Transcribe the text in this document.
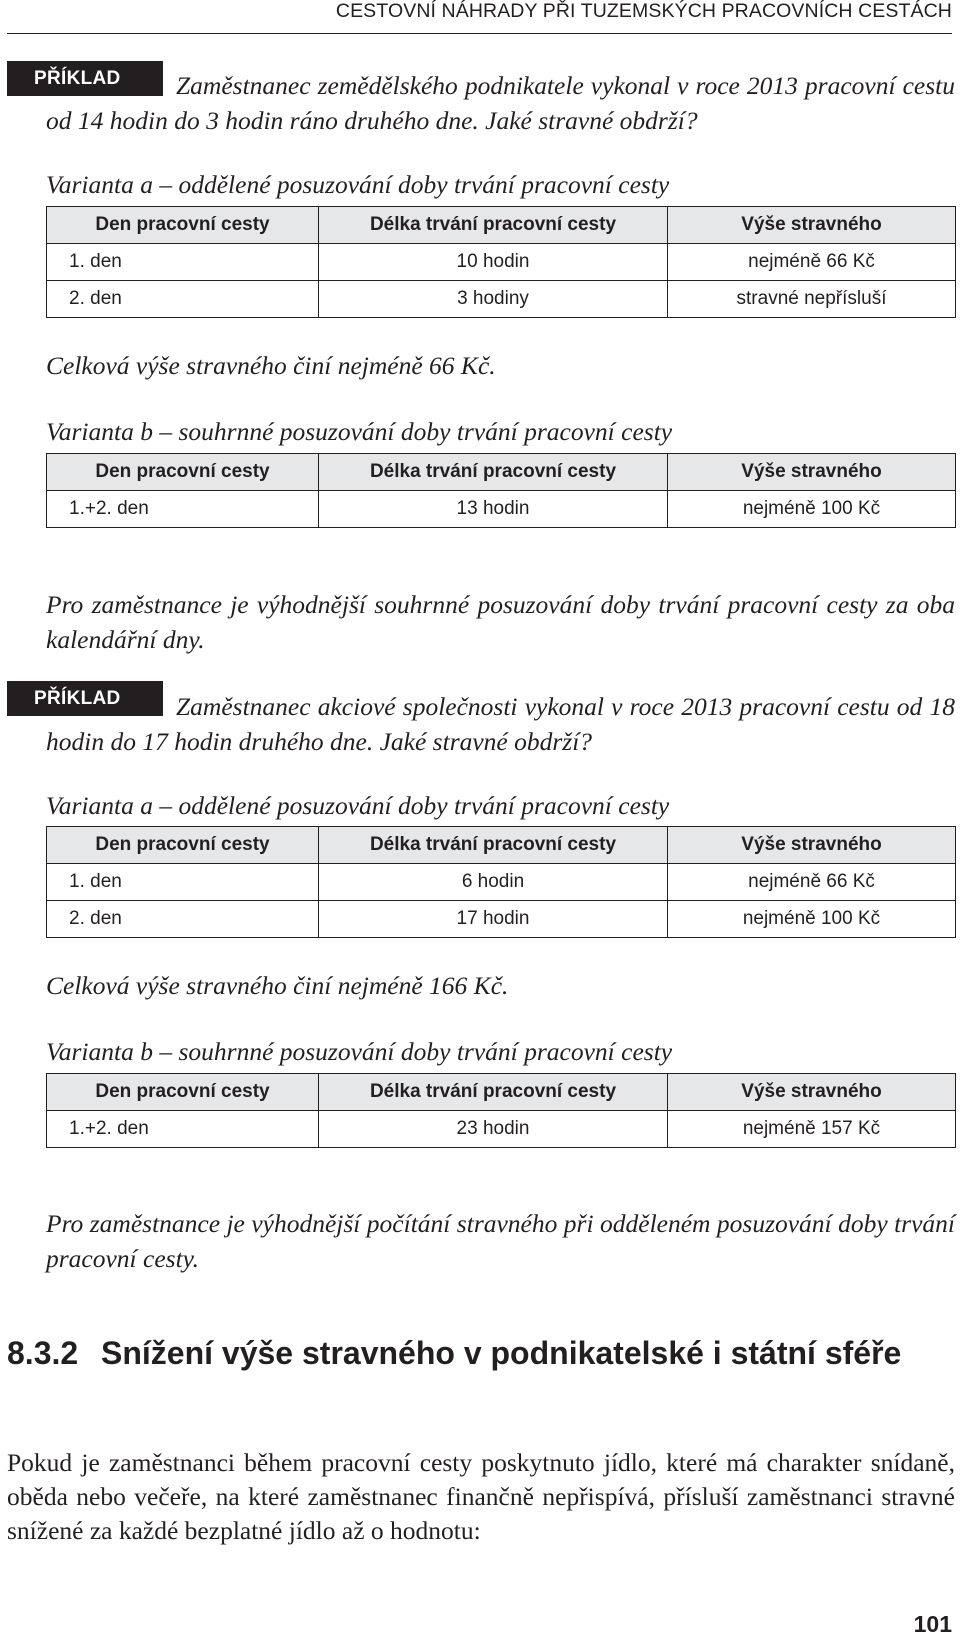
CESTOVNÍ NÁHRADY PŘI TUZEMSKÝCH PRACOVNÍCH CESTÁCH
PŘÍKLAD	Zaměstnanec zemědělského podnikatele vykonal v roce 2013 pracovní cestu od 14 hodin do 3 hodin ráno druhého dne. Jaké stravné obdrží?
Varianta a – oddělené posuzování doby trvání pracovní cesty
Den pracovní cesty	Délka trvání pracovní cesty	Výše stravného
1. den	10 hodin	nejméně 66 Kč
2. den	3 hodiny	stravné nepřísluší
Celková výše stravného činí nejméně 66 Kč.
Varianta b – souhrnné posuzování doby trvání pracovní cesty
Den pracovní cesty	Délka trvání pracovní cesty	Výše stravného
1.+2. den	13 hodin	nejméně 100 Kč
Pro zaměstnance je výhodnější souhrnné posuzování doby trvání pracovní cesty za oba kalendářní dny.
PŘÍKLAD	Zaměstnanec akciové společnosti vykonal v roce 2013 pracovní cestu od 18 hodin do 17 hodin druhého dne. Jaké stravné obdrží?
Varianta a – oddělené posuzování doby trvání pracovní cesty
Den pracovní cesty	Délka trvání pracovní cesty	Výše stravného
1. den	6 hodin	nejméně 66 Kč
2. den	17 hodin	nejméně 100 Kč
Celková výše stravného činí nejméně 166 Kč.
Varianta b – souhrnné posuzování doby trvání pracovní cesty
Den pracovní cesty	Délka trvání pracovní cesty	Výše stravného
1.+2. den	23 hodin	nejméně 157 Kč
Pro zaměstnance je výhodnější počítání stravného při odděleném posuzování doby trvání pracovní cesty.
8.3.2 Snížení výše stravného v podnikatelské i státní sféře
Pokud je zaměstnanci během pracovní cesty poskytnuto jídlo, které má charakter snídaně, oběda nebo večeře, na které zaměstnanec finančně nepřispívá, přísluší zaměstnanci stravné snížené za každé bezplatné jídlo až o hodnotu:
101
